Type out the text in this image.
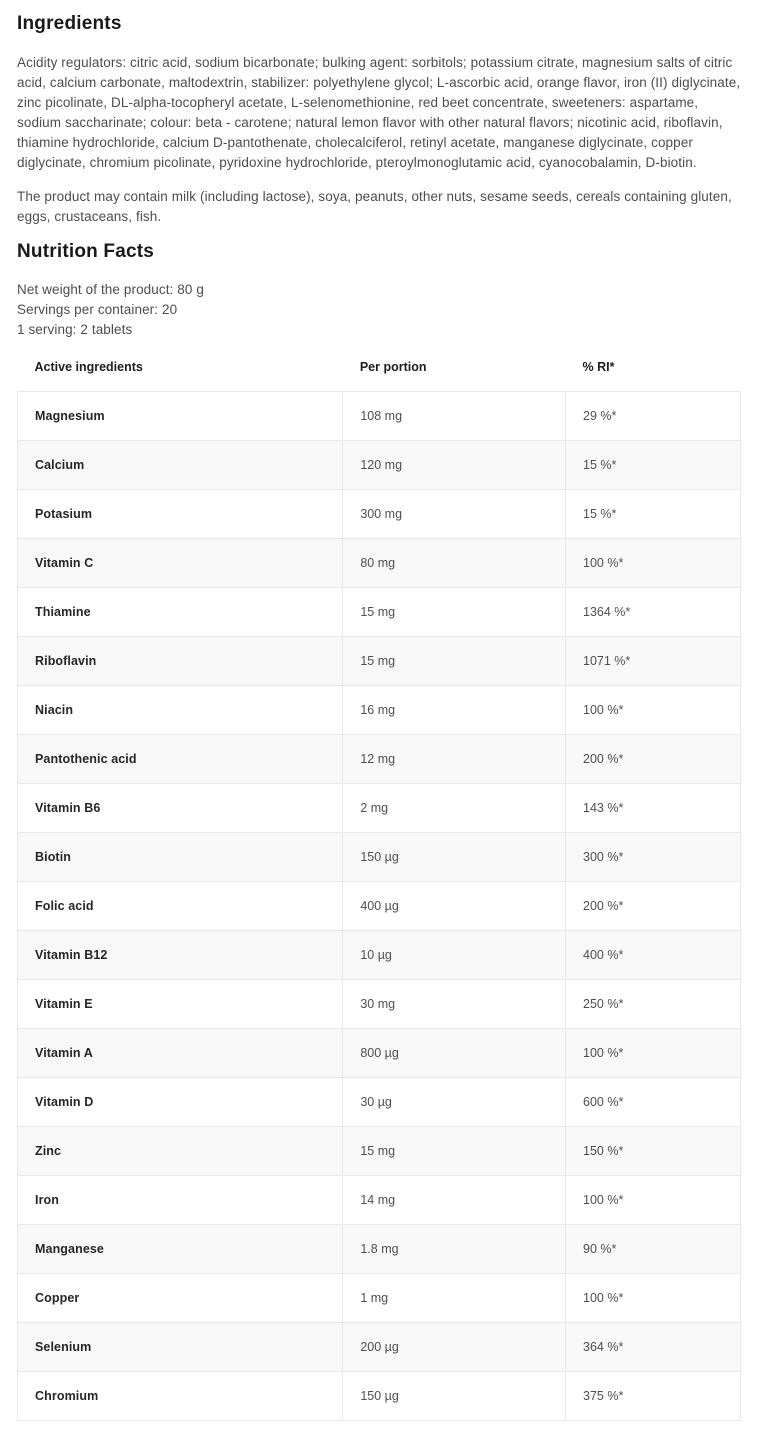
Ingredients

Acidity regulators: citric acid, sodium bicarbonate; bulking agent: sorbitols; potassium citrate, magnesium salts of citric acid, calcium carbonate, maltodextrin, stabilizer: polyethylene glycol; L-ascorbic acid, orange flavor, iron (II) diglycinate, zinc picolinate, DL-alpha-tocopheryl acetate, L-selenomethionine, red beet concentrate, sweeteners: aspartame, sodium saccharinate; colour: beta - carotene; natural lemon flavor with other natural flavors; nicotinic acid, riboflavin, thiamine hydrochloride, calcium D-pantothenate, cholecalciferol, retinyl acetate, manganese diglycinate, copper diglycinate, chromium picolinate, pyridoxine hydrochloride, pteroylmonoglutamic acid, cyanocobalamin, D-biotin.

The product may contain milk (including lactose), soya, peanuts, other nuts, sesame seeds, cereals containing gluten, eggs, crustaceans, fish.

Nutrition Facts

Net weight of the product: 80 g

Servings per container: 20

1 serving: 2 tablets

Active ingredients	Per portion	% RI*
Magnesium	108 mg	29 %*
Calcium	120 mg	15 %*
Potasium	300 mg	15 %*
Vitamin C	80 mg	100 %*
Thiamine	15 mg	1364 %*
Riboflavin	15 mg	1071 %*
Niacin	16 mg	100 %*
Pantothenic acid	12 mg	200 %*
Vitamin B6	2 mg	143 %*
Biotin	150 µg	300 %*
Folic acid	400 µg	200 %*
Vitamin B12	10 µg	400 %*
Vitamin E	30 mg	250 %*
Vitamin A	800 µg	100 %*
Vitamin D	30 µg	600 %*
Zinc	15 mg	150 %*
Iron	14 mg	100 %*
Manganese	1.8 mg	90 %*
Copper	1 mg	100 %*
Selenium	200 µg	364 %*
Chromium	150 µg	375 %*
